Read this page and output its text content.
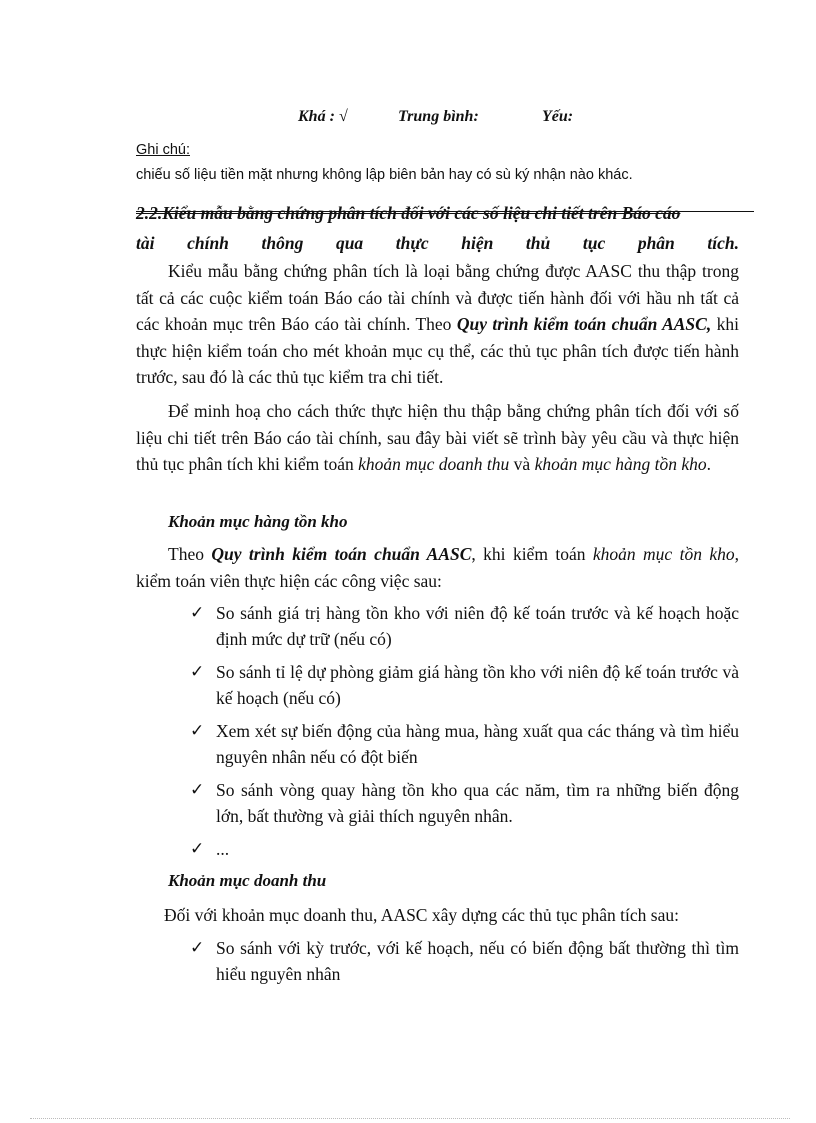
Khá : √	Trung bình:	Yếu:
Ghi chú:
chiếu số liệu tiền mặt nhưng không lập biên bản hay có sù ký nhận nào khác.
2.2.Kiểu mẫu bằng chứng phân tích đối với các số liệu chi tiết trên Báo cáo
tài chính thông qua thực hiện thủ tục phân tích.

Kiểu mẫu bằng chứng phân tích là loại bằng chứng được AASC thu thập trong tất cả các cuộc kiểm toán Báo cáo tài chính và được tiến hành đối với hầu nh tất cả các khoản mục trên Báo cáo tài chính. Theo Quy trình kiểm toán chuẩn AASC, khi thực hiện kiểm toán cho mét khoản mục cụ thể, các thủ tục phân tích được tiến hành trước, sau đó là các thủ tục kiểm tra chi tiết.

Để minh hoạ cho cách thức thực hiện thu thập bằng chứng phân tích đối với số liệu chi tiết trên Báo cáo tài chính, sau đây bài viết sẽ trình bày yêu cầu và thực hiện thủ tục phân tích khi kiểm toán khoản mục doanh thu và khoản mục hàng tồn kho.

Khoản mục hàng tồn kho

Theo Quy trình kiểm toán chuẩn AASC, khi kiểm toán khoản mục tồn kho, kiểm toán viên thực hiện các công việc sau:

✓ So sánh giá trị hàng tồn kho với niên độ kế toán trước và kế hoạch hoặc định mức dự trữ (nếu có)
✓ So sánh tỉ lệ dự phòng giảm giá hàng tồn kho với niên độ kế toán trước và kế hoạch (nếu có)
✓ Xem xét sự biến động của hàng mua, hàng xuất qua các tháng và tìm hiểu nguyên nhân nếu có đột biến
✓ So sánh vòng quay hàng tồn kho qua các năm, tìm ra những biến động lớn, bất thường và giải thích nguyên nhân.
✓ ...
Khoản mục doanh thu

Đối với khoản mục doanh thu, AASC xây dựng các thủ tục phân tích sau:

✓ So sánh với kỳ trước, với kế hoạch, nếu có biến động bất thường thì tìm hiểu nguyên nhân
